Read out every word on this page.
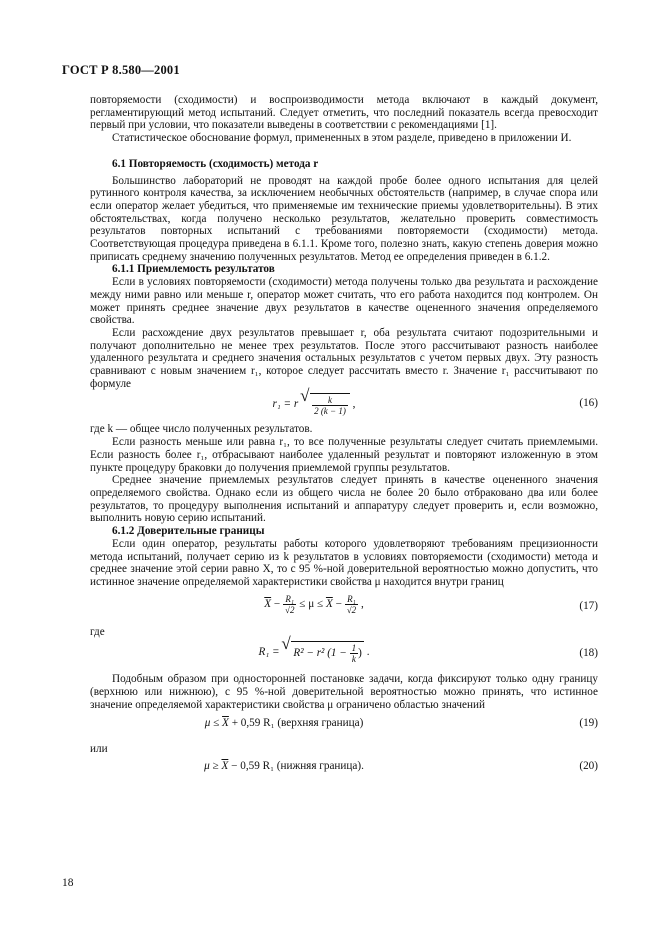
ГОСТ Р 8.580—2001

повторяемости (сходимости) и воспроизводимости метода включают в каждый документ, регламентирующий метод испытаний. Следует отметить, что последний показатель всегда превосходит первый при условии, что показатели выведены в соответствии с рекомендациями [1].

Статистическое обоснование формул, примененных в этом разделе, приведено в приложении И.

6.1 Повторяемость (сходимость) метода r

Большинство лабораторий не проводят на каждой пробе более одного испытания для целей рутинного контроля качества, за исключением необычных обстоятельств (например, в случае спора или если оператор желает убедиться, что применяемые им технические приемы удовлетворительны). В этих обстоятельствах, когда получено несколько результатов, желательно проверить совместимость результатов повторных испытаний с требованиями повторяемости (сходимости) метода. Соответствующая процедура приведена в 6.1.1. Кроме того, полезно знать, какую степень доверия можно приписать среднему значению полученных результатов. Метод ее определения приведен в 6.1.2.

6.1.1 Приемлемость результатов

Если в условиях повторяемости (сходимости) метода получены только два результата и расхождение между ними равно или меньше r, оператор может считать, что его работа находится под контролем. Он может принять среднее значение двух результатов в качестве оцененного значения определяемого свойства.

Если расхождение двух результатов превышает r, оба результата считают подозрительными и получают дополнительно не менее трех результатов. После этого рассчитывают разность наиболее удаленного результата и среднего значения остальных результатов с учетом первых двух. Эту разность сравнивают с новым значением r₁, которое следует рассчитать вместо r. Значение r₁ рассчитывают по формуле

r₁ = r √ $\frac{k}{2 (k - 1)}$ ,	(16)

где k — общее число полученных результатов.

Если разность меньше или равна r₁, то все полученные результаты следует считать приемлемыми. Если разность более r₁, отбрасывают наиболее удаленный результат и повторяют изложенную в этом пункте процедуру браковки до получения приемлемой группы результатов.

Среднее значение приемлемых результатов следует принять в качестве оцененного значения определяемого свойства. Однако если из общего числа не более 20 было отбраковано два или более результатов, то процедуру выполнения испытаний и аппаратуру следует проверить и, если возможно, выполнить новую серию испытаний.

6.1.2 Доверительные границы

Если один оператор, результаты работы которого удовлетворяют требованиям прецизионности метода испытаний, получает серию из k результатов в условиях повторяемости (сходимости) метода и среднее значение этой серии равно X, то с 95 %-ной доверительной вероятностью можно допустить, что истинное значение определяемой характеристики свойства μ находится внутри границ

$\overline{X} - \frac{\text{R₁}}{√2} \le \mu \le \overline{X} - \frac{\text{R₁}}{√2}$ ,	(17)

где

R₁ = √ R² − r² ($1 - \frac{1}{k}$ ) .	(18)

Подобным образом при односторонней постановке задачи, когда фиксируют только одну границу (верхнюю или нижнюю), с 95 %-ной доверительной вероятностью можно принять, что истинное значение определяемой характеристики свойства μ ограничено областью значений

$\mu \le \overline{X} + 0,59$ R₁ (верхняя граница)	(19)

или

$\mu \ge \overline{X} - 0,59$ R₁ (нижняя граница).	(20)
18
